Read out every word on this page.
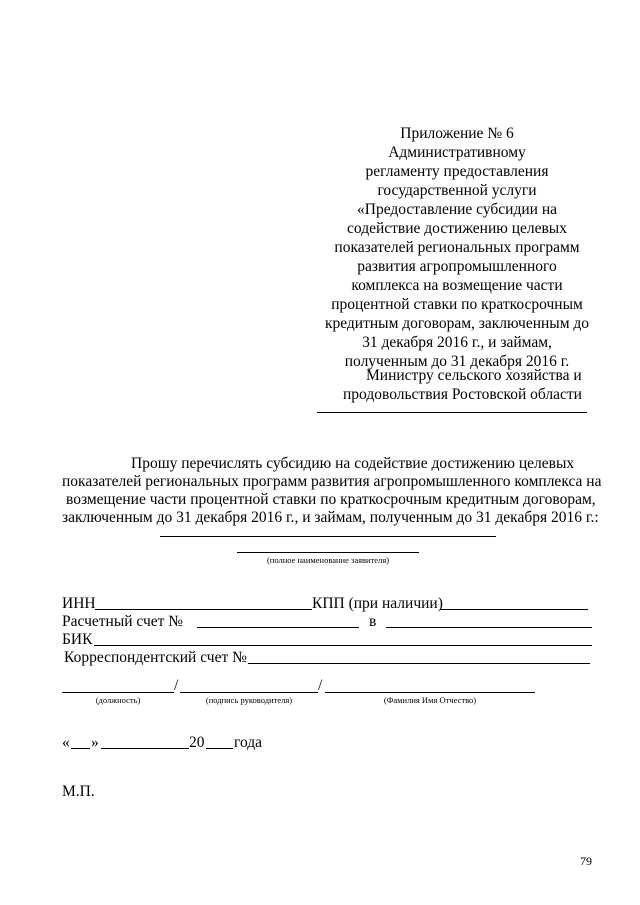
Приложение № 6
Административному
регламенту предоставления
государственной услуги
«Предоставление субсидии на
содействие достижению целевых
показателей региональных программ
развития агропромышленного
комплекса на возмещение части
процентной ставки по краткосрочным
кредитным договорам, заключенным до
31 декабря 2016 г., и займам,
полученным до 31 декабря 2016 г.
Министру сельского хозяйства и
продовольствия Ростовской области
Прошу перечислять субсидию на содействие достижению целевых
показателей региональных программ развития агропромышленного комплекса на
возмещение части процентной ставки по краткосрочным кредитным договорам,
заключенным до 31 декабря 2016 г., и займам, полученным до 31 декабря 2016 г.:
(полное наименование заявителя)
ИНН	КПП (при наличии)
Расчетный счет №	в
БИК
Корреспондентский счет №
/	/
(должность)	(подпись руководителя)	(Фамилия Имя Отчество)
« »	20 года
М.П.
79
